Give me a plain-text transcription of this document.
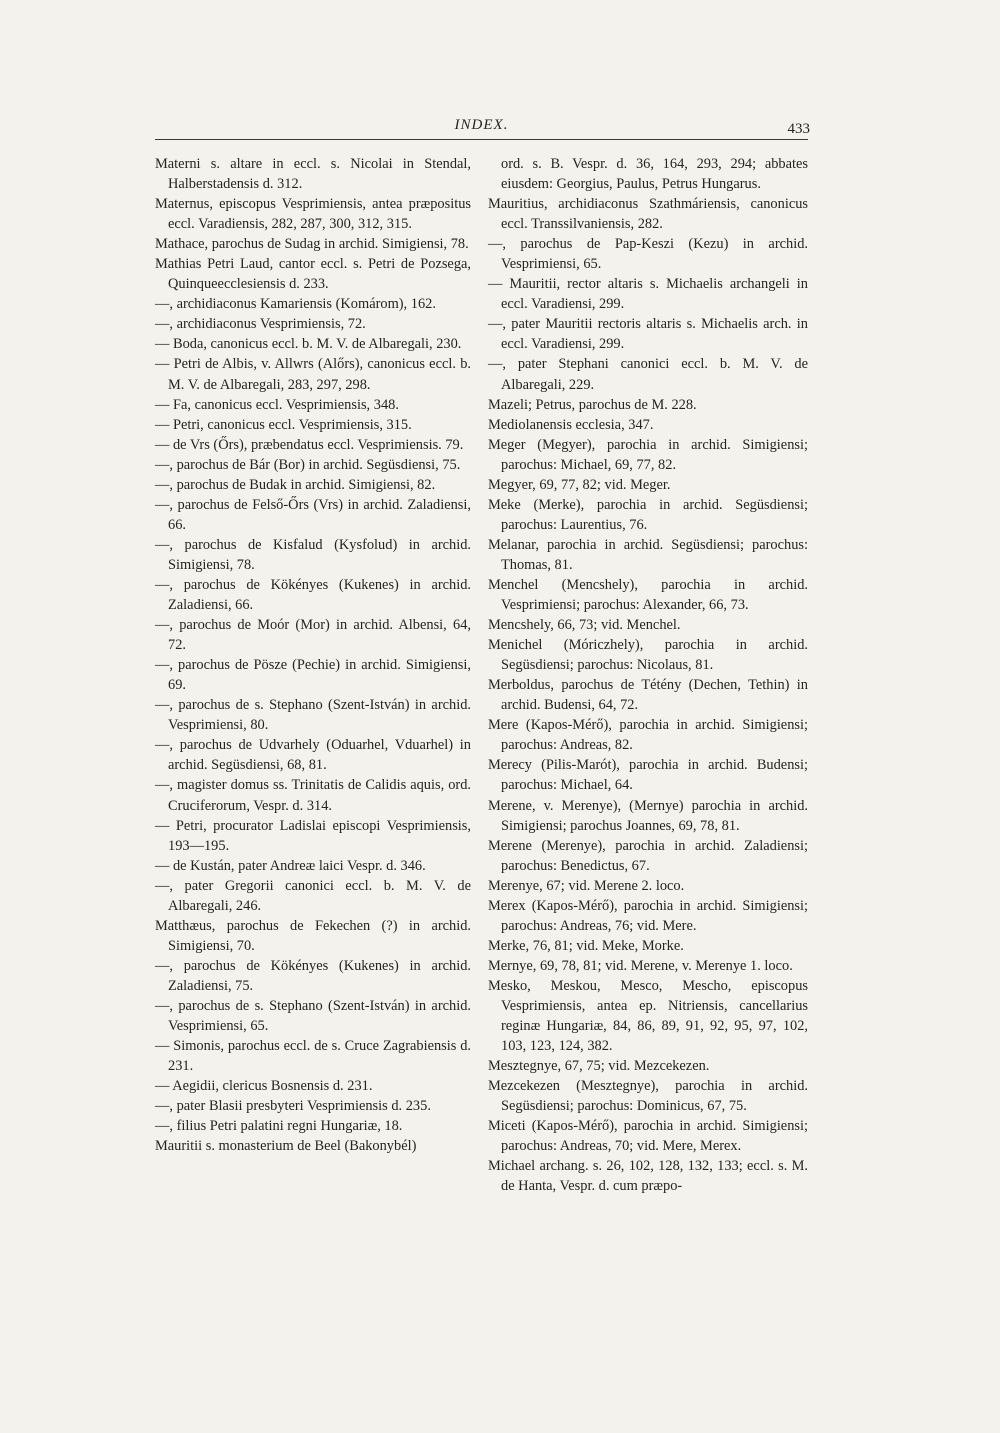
INDEX.	433
Materni s. altare in eccl. s. Nicolai in Stendal, Halberstadensis d. 312.
Maternus, episcopus Vesprimiensis, antea præpositus eccl. Varadiensis, 282, 287, 300, 312, 315.
Mathace, parochus de Sudag in archid. Simigiensi, 78.
Mathias Petri Laud, cantor eccl. s. Petri de Pozsega, Quinqueecclesiensis d. 233.
—, archidiaconus Kamariensis (Komárom), 162.
—, archidiaconus Vesprimiensis, 72.
— Boda, canonicus eccl. b. M. V. de Albaregali, 230.
— Petri de Albis, v. Allwrs (Alőrs), canonicus eccl. b. M. V. de Albaregali, 283, 297, 298.
— Fa, canonicus eccl. Vesprimiensis, 348.
— Petri, canonicus eccl. Vesprimiensis, 315.
— de Vrs (Őrs), præbendatus eccl. Vesprimiensis. 79.
—, parochus de Bár (Bor) in archid. Següsdiensi, 75.
—, parochus de Budak in archid. Simigiensi, 82.
—, parochus de Felső-Őrs (Vrs) in archid. Zaladiensi, 66.
—, parochus de Kisfalud (Kysfolud) in archid. Simigiensi, 78.
—, parochus de Kökényes (Kukenes) in archid. Zaladiensi, 66.
—, parochus de Moór (Mor) in archid. Albensi, 64, 72.
—, parochus de Pösze (Pechie) in archid. Simigiensi, 69.
—, parochus de s. Stephano (Szent-István) in archid. Vesprimiensi, 80.
—, parochus de Udvarhely (Oduarhel, Vduarhel) in archid. Següsdiensi, 68, 81.
—, magister domus ss. Trinitatis de Calidis aquis, ord. Cruciferorum, Vespr. d. 314.
— Petri, procurator Ladislai episcopi Vesprimiensis, 193—195.
— de Kustán, pater Andreæ laici Vespr. d. 346.
—, pater Gregorii canonici eccl. b. M. V. de Albaregali, 246.
Matthæus, parochus de Fekechen (?) in archid. Simigiensi, 70.
—, parochus de Kökényes (Kukenes) in archid. Zaladiensi, 75.
—, parochus de s. Stephano (Szent-István) in archid. Vesprimiensi, 65.
— Simonis, parochus eccl. de s. Cruce Zagrabiensis d. 231.
— Aegidii, clericus Bosnensis d. 231.
—, pater Blasii presbyteri Vesprimiensis d. 235.
—, filius Petri palatini regni Hungariæ, 18.
Mauritii s. monasterium de Beel (Bakonybél)
ord. s. B. Vespr. d. 36, 164, 293, 294; abbates eiusdem: Georgius, Paulus, Petrus Hungarus.
Mauritius, archidiaconus Szathmáriensis, canonicus eccl. Transsilvaniensis, 282.
—, parochus de Pap-Keszi (Kezu) in archid. Vesprimiensi, 65.
— Mauritii, rector altaris s. Michaelis archangeli in eccl. Varadiensi, 299.
—, pater Mauritii rectoris altaris s. Michaelis arch. in eccl. Varadiensi, 299.
—, pater Stephani canonici eccl. b. M. V. de Albaregali, 229.
Mazeli; Petrus, parochus de M. 228.
Mediolanensis ecclesia, 347.
Meger (Megyer), parochia in archid. Simigiensi; parochus: Michael, 69, 77, 82.
Megyer, 69, 77, 82; vid. Meger.
Meke (Merke), parochia in archid. Següsdiensi; parochus: Laurentius, 76.
Melanar, parochia in archid. Següsdiensi; parochus: Thomas, 81.
Menchel (Mencshely), parochia in archid. Vesprimiensi; parochus: Alexander, 66, 73.
Mencshely, 66, 73; vid. Menchel.
Menichel (Móriczhely), parochia in archid. Següsdiensi; parochus: Nicolaus, 81.
Merboldus, parochus de Tétény (Dechen, Tethin) in archid. Budensi, 64, 72.
Mere (Kapos-Mérő), parochia in archid. Simigiensi; parochus: Andreas, 82.
Merecy (Pilis-Marót), parochia in archid. Budensi; parochus: Michael, 64.
Merene, v. Merenye), (Mernye) parochia in archid. Simigiensi; parochus Joannes, 69, 78, 81.
Merene (Merenye), parochia in archid. Zaladiensi; parochus: Benedictus, 67.
Merenye, 67; vid. Merene 2. loco.
Merex (Kapos-Mérő), parochia in archid. Simigiensi; parochus: Andreas, 76; vid. Mere.
Merke, 76, 81; vid. Meke, Morke.
Mernye, 69, 78, 81; vid. Merene, v. Merenye 1. loco.
Mesko, Meskou, Mesco, Mescho, episcopus Vesprimiensis, antea ep. Nitriensis, cancellarius reginæ Hungariæ, 84, 86, 89, 91, 92, 95, 97, 102, 103, 123, 124, 382.
Mesztegnye, 67, 75; vid. Mezcekezen.
Mezcekezen (Mesztegnye), parochia in archid. Següsdiensi; parochus: Dominicus, 67, 75.
Miceti (Kapos-Mérő), parochia in archid. Simigiensi; parochus: Andreas, 70; vid. Mere, Merex.
Michael archang. s. 26, 102, 128, 132, 133; eccl. s. M. de Hanta, Vespr. d. cum præpo-
